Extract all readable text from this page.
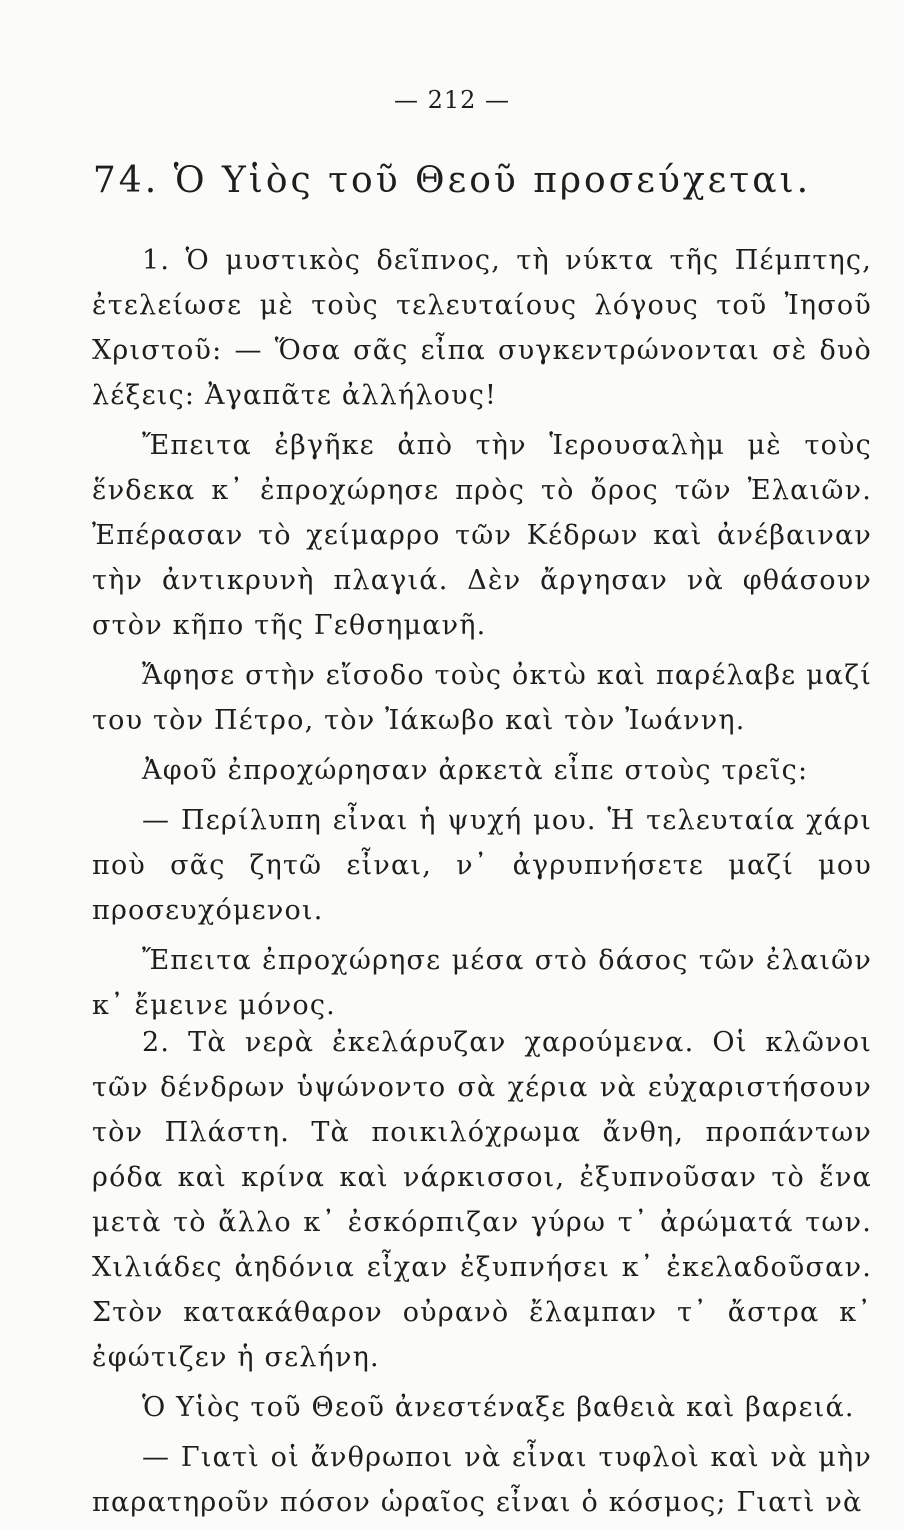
— 212 —
74. Ὁ Υἱὸς τοῦ Θεοῦ προσεύχεται.

1. Ὁ μυστικὸς δεῖπνος, τὴ νύκτα τῆς Πέμπτης, ἐτελείωσε μὲ τοὺς τελευταίους λόγους τοῦ Ἰησοῦ Χριστοῦ: — Ὅσα σᾶς εἶπα συγκεντρώνονται σὲ δυὸ λέξεις: Ἀγαπᾶτε ἀλλήλους!

Ἔπειτα ἐβγῆκε ἀπὸ τὴν Ἱερουσαλὴμ μὲ τοὺς ἕνδεκα κ᾽ ἐπροχώρησε πρὸς τὸ ὄρος τῶν Ἐλαιῶν. Ἐπέρασαν τὸ χείμαρρο τῶν Κέδρων καὶ ἀνέβαιναν τὴν ἀντικρυνὴ πλαγιά. Δὲν ἄργησαν νὰ φθάσουν στὸν κῆπο τῆς Γεθσημανῆ.

Ἄφησε στὴν εἴσοδο τοὺς ὀκτὼ καὶ παρέλαβε μαζί του τὸν Πέτρο, τὸν Ἰάκωβο καὶ τὸν Ἰωάννη.

Ἀφοῦ ἐπροχώρησαν ἀρκετὰ εἶπε στοὺς τρεῖς:

— Περίλυπη εἶναι ἡ ψυχή μου. Ἡ τελευταία χάρι ποὺ σᾶς ζητῶ εἶναι, ν᾽ ἀγρυπνήσετε μαζί μου προσευχόμενοι.

Ἔπειτα ἐπροχώρησε μέσα στὸ δάσος τῶν ἐλαιῶν κ᾽ ἔμεινε μόνος.

2. Τὰ νερὰ ἐκελάρυζαν χαρούμενα. Οἱ κλῶνοι τῶν δένδρων ὑψώνοντο σὰ χέρια νὰ εὐχαριστήσουν τὸν Πλάστη. Τὰ ποικιλόχρωμα ἄνθη, προπάντων ρόδα καὶ κρίνα καὶ νάρκισσοι, ἐξυπνοῦσαν τὸ ἕνα μετὰ τὸ ἄλλο κ᾽ ἐσκόρπιζαν γύρω τ᾽ ἀρώματά των. Χιλιάδες ἀηδόνια εἶχαν ἐξυπνήσει κ᾽ ἐκελαδοῦσαν. Στὸν κατακάθαρον οὐρανὸ ἔλαμπαν τ᾽ ἄστρα κ᾽ ἐφώτιζεν ἡ σελήνη.

Ὁ Υἱὸς τοῦ Θεοῦ ἀνεστέναξε βαθειὰ καὶ βαρειά.

— Γιατὶ οἱ ἄνθρωποι νὰ εἶναι τυφλοὶ καὶ νὰ μὴν παρατηροῦν πόσον ὡραῖος εἶναι ὁ κόσμος; Γιατὶ νὰ
